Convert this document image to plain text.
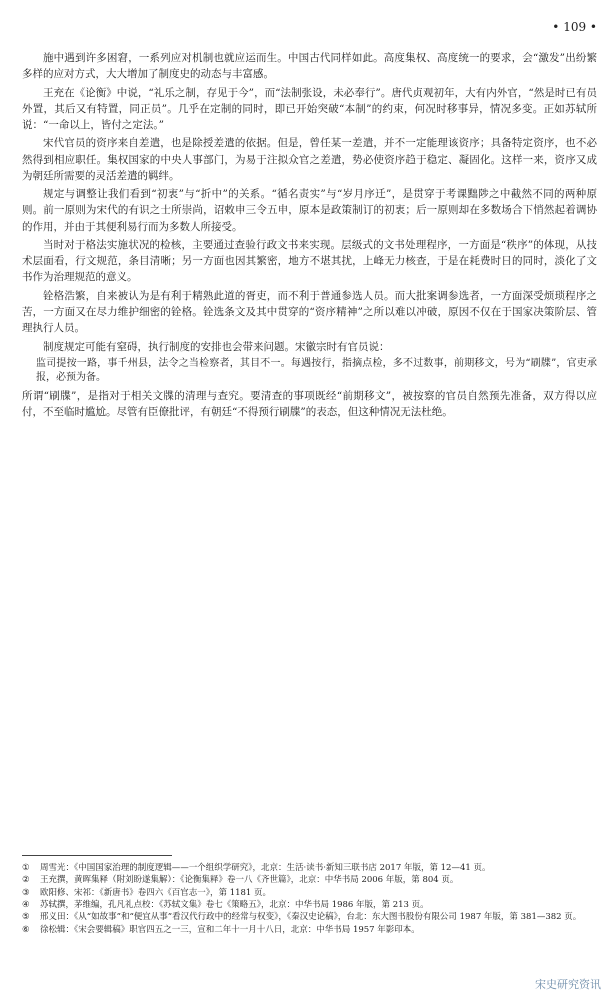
• 109 •

施中遇到许多困窘，一系列应对机制也就应运而生。中国古代同样如此。高度集权、高度统一的要求，会“激发”出纷繁多样的应对方式，大大增加了制度史的动态与丰富感。

王充在《论衡》中说，“礼乐之制，存见于今”，而“法制张设，未必奉行”。唐代贞观初年，大有内外官，“然是时已有员外置，其后又有特置，同正员”。几乎在定制的同时，即已开始突破“本制”的约束，何况时移事异，情况多变。正如苏轼所说：“一命以上，皆付之定法。”

宋代官员的资序来自差遣，也是除授差遣的依据。但是，曾任某一差遣，并不一定能理该资序；具备特定资序，也不必然得到相应职任。集权国家的中央人事部门，为易于注拟众官之差遣，势必使资序趋于稳定、凝固化。这样一来，资序又成为朝廷所需要的灵活差遣的羁绊。

规定与调整让我们看到“初衷”与“折中”的关系。“循名责实”与“岁月序迁”，是贯穿于考课黜陟之中截然不同的两种原则。前一原则为宋代的有识之士所崇尚，诏敕申三令五申，原本是政策制订的初衷；后一原则却在多数场合下悄然起着调协的作用，并由于其便利易行而为多数人所接受。

当时对于格法实施状况的检核，主要通过查验行政文书来实现。层级式的文书处理程序，一方面是“秩序”的体现，从技术层面看，行文规范，条目清晰；另一方面也因其繁密，地方不堪其扰，上峰无力核查，于是在耗费时日的同时，淡化了文书作为治理规范的意义。

铨格浩繁，自来被认为是有利于精熟此道的胥吏，而不利于普通参选人员。而大批案调参选者，一方面深受烦琐程序之苦，一方面又在尽力维护细密的铨格。铨选条文及其中贯穿的“资序精神”之所以难以冲破，原因不仅在于国家决策阶层、管理执行人员。

制度规定可能有窒碍，执行制度的安排也会带来问题。宋徽宗时有官员说：

监司提按一路，事千州县，法令之当检察者，其目不一。每遇按行，指摘点检，多不过数事，前期移文，号为“刷牒”，官吏承报，必预为备。

所谓“刷牒”，是指对于相关文牒的清理与查究。要清查的事项既经“前期移文”，被按察的官员自然预先准备，双方得以应付，不至临时尴尬。尽管有臣僚批评，有朝廷“不得预行刷牒”的表态，但这种情况无法杜绝。

①	周雪光：《中国国家治理的制度逻辑——一个组织学研究》，北京：生活·读书·新知三联书店 2017 年版，第 12—41 页。
②	王充撰，黄晖集释（附刘盼遂集解）：《论衡集释》卷一八《齐世篇》，北京：中华书局 2006 年版，第 804 页。
③	欧阳修、宋祁：《新唐书》卷四六《百官志一》，第 1181 页。
④	苏轼撰，茅维编，孔凡礼点校：《苏轼文集》卷七《策略五》，北京：中华书局 1986 年版，第 213 页。
⑤	邢义田：《从“如故事”和“便宜从事”看汉代行政中的经常与权变》，《秦汉史论稿》，台北：东大图书股份有限公司 1987 年版，第 381—382 页。
⑥	徐松辑：《宋会要辑稿》职官四五之一三，宣和二年十一月十八日，北京：中华书局 1957 年影印本。
宋史研究资讯
